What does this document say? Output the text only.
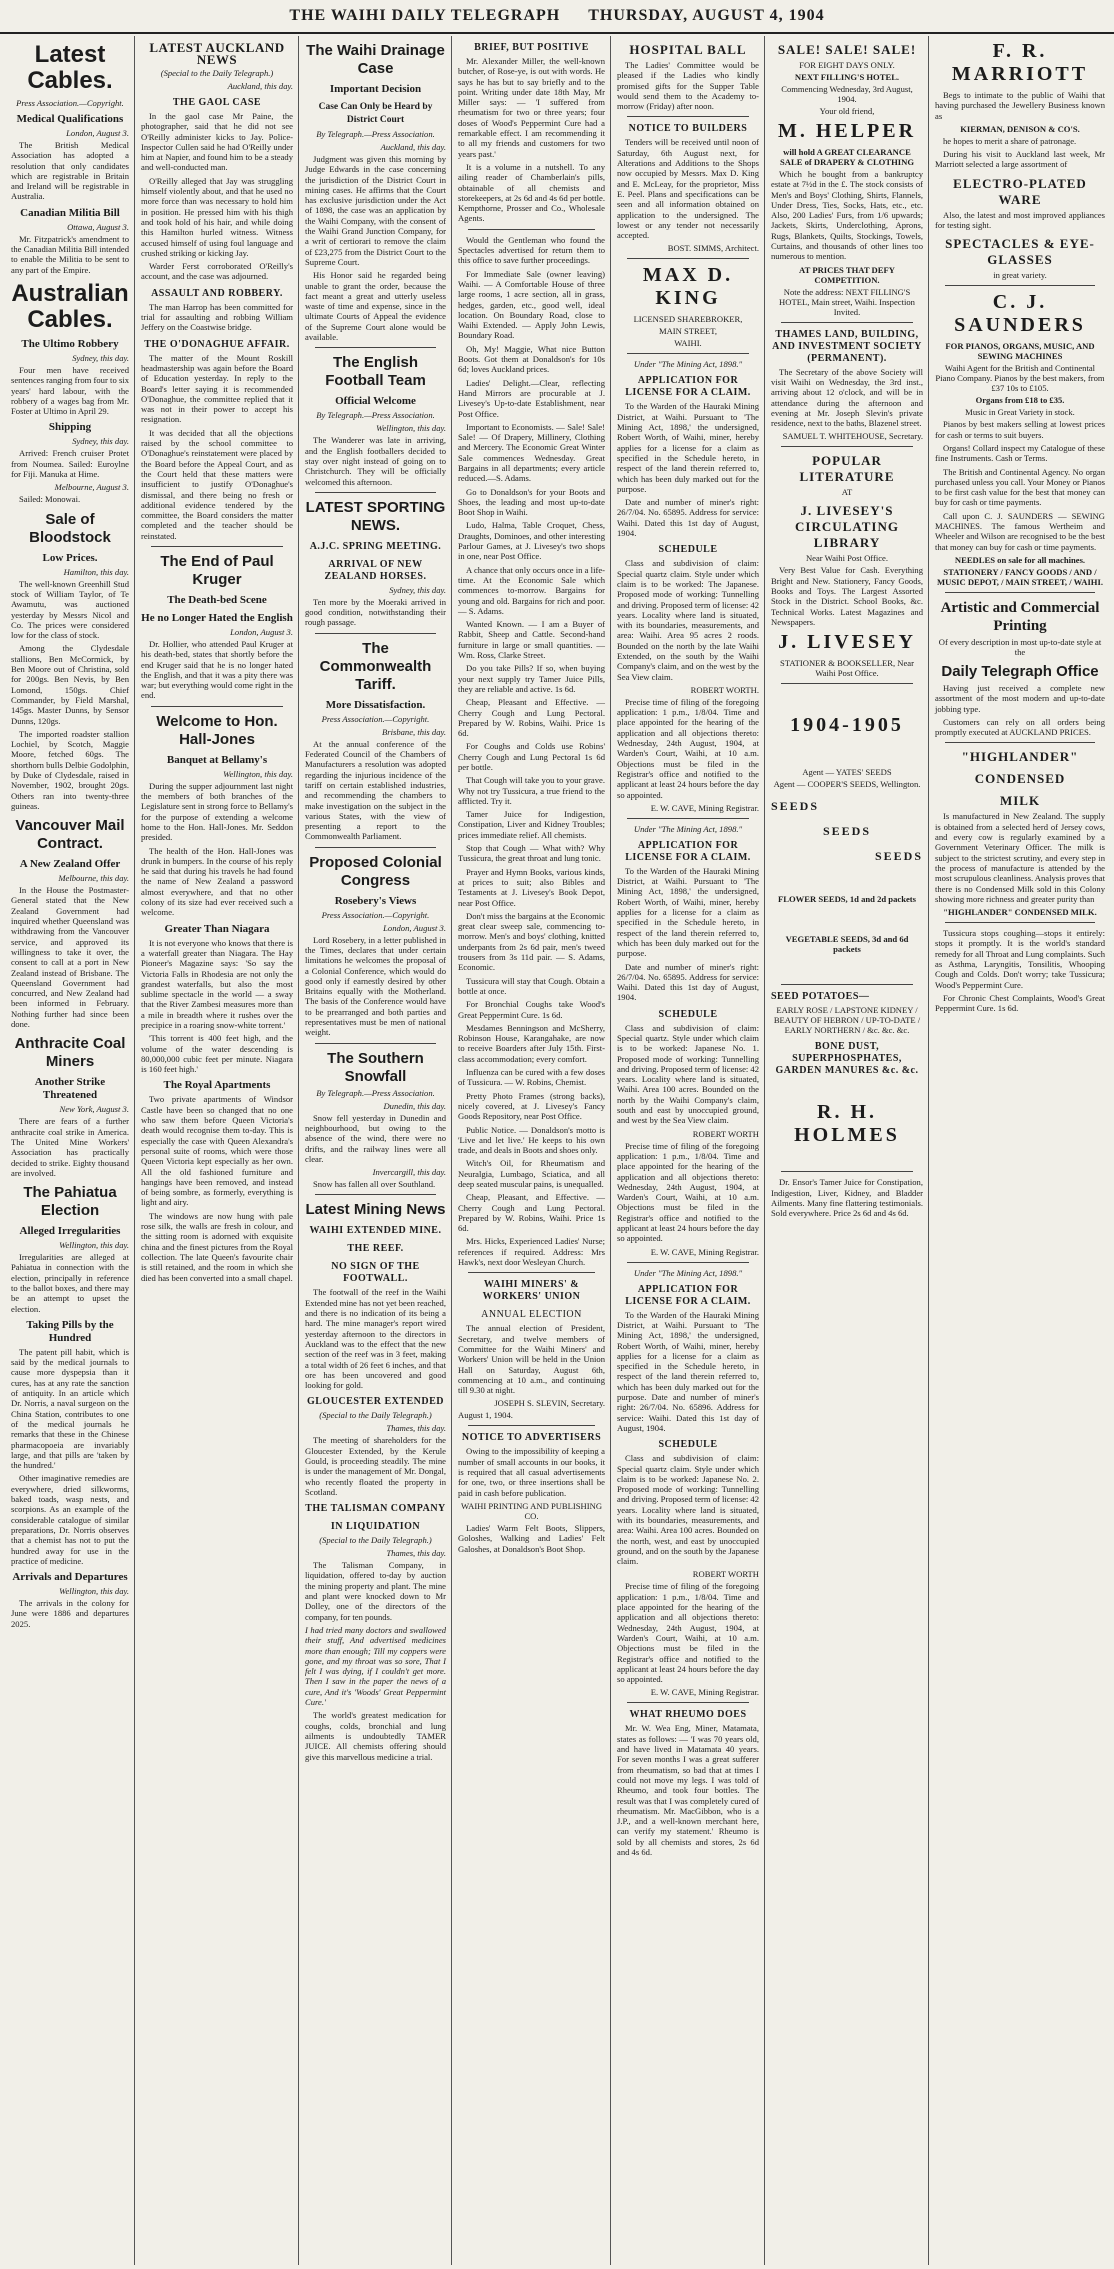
THE WAIHI DAILY TELEGRAPH THURSDAY, AUGUST 4, 1904
Latest Cables.
Press Association.—Copyright.
Medical Qualifications
London, August 3.

The British Medical Association has adopted a resolution that only candidates which are registrable in Britain and Ireland will be registrable in Australia.

Canadian Militia Bill
Ottawa, August 3.

Mr. Fitzpatrick's amendment to the Canadian Militia Bill intended to enable the Militia to be sent to any part of the Empire.

Australian Cables.
The Ultimo Robbery
Sydney, this day.

Four men have received sentences ranging from four to six years' hard labour, with the robbery of a wages bag from Mr. Foster at Ultimo in April 29.

Shipping
Sydney, this day.

Arrived: French cruiser Protet from Noumea. Sailed: Euroylne for Fiji. Manuka at Hime.

Melbourne, August 3.

Sailed: Monowai.

Sale of Bloodstock
Low Prices.
Hamilton, this day.

The well-known Greenhill Stud stock of William Taylor, of Te Awamutu, was auctioned yesterday by Messrs Nicol and Co. The prices were considered low for the class of stock.

Among the Clydesdale stallions, Ben McCormick, by Ben Moore out of Christina, sold for 200gs. Ben Nevis, by Ben Lomond, 150gs. Chief Commander, by Field Marshal, 145gs. Master Dunns, by Sensor Dunns, 120gs.

The imported roadster stallion Lochiel, by Scotch, Maggie Moore, fetched 60gs. The shorthorn bulls Delbie Godolphin, by Duke of Clydesdale, raised in November, 1902, brought 20gs. Others ran into twenty-three guineas.

Vancouver Mail Contract.
A New Zealand Offer
Melbourne, this day.

In the House the Postmaster-General stated that the New Zealand Government had inquired whether Queensland was withdrawing from the Vancouver service, and approved its willingness to take it over, the consent to call at a port in New Zealand instead of Brisbane. The Queensland Government had concurred, and New Zealand had been informed in February. Nothing further had since been done.

Anthracite Coal Miners
Another Strike Threatened
New York, August 3.

There are fears of a further anthracite coal strike in America. The United Mine Workers' Association has practically decided to strike. Eighty thousand are involved.

The Pahiatua Election
Alleged Irregularities
Wellington, this day.

Irregularities are alleged at Pahiatua in connection with the election, principally in reference to the ballot boxes, and there may be an attempt to upset the election.

Taking Pills by the Hundred

The patent pill habit, which is said by the medical journals to cause more dyspepsia than it cures, has at any rate the sanction of antiquity. In an article which Dr. Norris, a naval surgeon on the China Station, contributes to one of the medical journals he remarks that these in the Chinese pharmacopoeia are invariably large, and that pills are 'taken by the hundred.'

Other imaginative remedies are everywhere, dried silkworms, baked toads, wasp nests, and scorpions. As an example of the considerable catalogue of similar preparations, Dr. Norris observes that a chemist has not to put the hundred away for use in the practice of medicine.

Arrivals and Departures
Wellington, this day.

The arrivals in the colony for June were 1886 and departures 2025.

LATEST AUCKLAND NEWS
(Special to the Daily Telegraph.)
Auckland, this day.
THE GAOL CASE

In the gaol case Mr Paine, the photographer, said that he did not see O'Reilly administer kicks to Jay. Police-Inspector Cullen said he had O'Reilly under him at Napier, and found him to be a steady and well-conducted man.

O'Reilly alleged that Jay was struggling himself violently about, and that he used no more force than was necessary to hold him in position. He pressed him with his thigh and took hold of his hair, and while doing this Hamilton hurled witness. Witness accused himself of using foul language and crushed striking or kicking Jay.

Warder Ferst corroborated O'Reilly's account, and the case was adjourned.

ASSAULT AND ROBBERY.

The man Harrop has been committed for trial for assaulting and robbing William Jeffery on the Coastwise bridge.

THE O'DONAGHUE AFFAIR.

The matter of the Mount Roskill headmastership was again before the Board of Education yesterday. In reply to the Board's letter saying it is recommended O'Donaghue, the committee replied that it was not in their power to accept his resignation.

It was decided that all the objections raised by the school committee to O'Donaghue's reinstatement were placed by the Board before the Appeal Court, and as the Court held that these matters were insufficient to justify O'Donaghue's dismissal, and there being no fresh or additional evidence tendered by the committee, the Board considers the matter completed and the teacher should be reinstated.

The End of Paul Kruger
The Death-bed Scene
He no Longer Hated the English
London, August 3.

Dr. Hollier, who attended Paul Kruger at his death-bed, states that shortly before the end Kruger said that he is no longer hated the English, and that it was a pity there was war; but everything would come right in the end.

Welcome to Hon. Hall-Jones
Banquet at Bellamy's
Wellington, this day.

During the supper adjournment last night the members of both branches of the Legislature sent in strong force to Bellamy's for the purpose of extending a welcome home to the Hon. Hall-Jones. Mr. Seddon presided.

The health of the Hon. Hall-Jones was drunk in bumpers. In the course of his reply he said that during his travels he had found the name of New Zealand a password almost everywhere, and that no other colony of its size had ever received such a welcome.

Greater Than Niagara

It is not everyone who knows that there is a waterfall greater than Niagara. The Hay Pioneer's Magazine says: 'So say the Victoria Falls in Rhodesia are not only the grandest waterfalls, but also the most sublime spectacle in the world — a sway that the River Zambesi measures more than a mile in breadth where it rushes over the precipice in a roaring snow-white torrent.'

'This torrent is 400 feet high, and the volume of the water descending is 80,000,000 cubic feet per minute. Niagara is 160 feet high.'

The Royal Apartments

Two private apartments of Windsor Castle have been so changed that no one who saw them before Queen Victoria's death would recognise them to-day. This is especially the case with Queen Alexandra's personal suite of rooms, which were those Queen Victoria kept especially as her own. All the old fashioned furniture and hangings have been removed, and instead of being sombre, as formerly, everything is light and airy.

The windows are now hung with pale rose silk, the walls are fresh in colour, and the sitting room is adorned with exquisite china and the finest pictures from the Royal collection. The late Queen's favourite chair is still retained, and the room in which she died has been converted into a small chapel.

The Waihi Drainage Case
Important Decision
Case Can Only be Heard by District Court
By Telegraph.—Press Association.
Auckland, this day.

Judgment was given this morning by Judge Edwards in the case concerning the jurisdiction of the District Court in mining cases. He affirms that the Court has exclusive jurisdiction under the Act of 1898, the case was an application by the Waihi Company, with the consent of the Waihi Grand Junction Company, for a writ of certiorari to remove the claim of £23,275 from the District Court to the Supreme Court.

His Honor said he regarded being unable to grant the order, because the fact meant a great and utterly useless waste of time and expense, since in the ultimate Courts of Appeal the evidence of the Supreme Court alone would be available.

The English Football Team
Official Welcome
By Telegraph.—Press Association.
Wellington, this day.

The Wanderer was late in arriving, and the English footballers decided to stay over night instead of going on to Christchurch. They will be officially welcomed this afternoon.

LATEST SPORTING NEWS.
A.J.C. SPRING MEETING.
ARRIVAL OF NEW ZEALAND HORSES.
Sydney, this day.

Ten more by the Moeraki arrived in good condition, notwithstanding their rough passage.

The Commonwealth Tariff.
More Dissatisfaction.
Press Association.—Copyright.
Brisbane, this day.

At the annual conference of the Federated Council of the Chambers of Manufacturers a resolution was adopted regarding the injurious incidence of the tariff on certain established industries, and recommending the chambers to make investigation on the subject in the various States, with the view of presenting a report to the Commonwealth Parliament.

Proposed Colonial Congress
Rosebery's Views
Press Association.—Copyright.
London, August 3.

Lord Rosebery, in a letter published in the Times, declares that under certain limitations he welcomes the proposal of a Colonial Conference, which would do good only if earnestly desired by other Britains equally with the Motherland. The basis of the Conference would have to be prearranged and both parties and representatives must be men of national weight.

The Southern Snowfall
By Telegraph.—Press Association.
Dunedin, this day.

Snow fell yesterday in Dunedin and neighbourhood, but owing to the absence of the wind, there were no drifts, and the railway lines were all clear.

Invercargill, this day.

Snow has fallen all over Southland.

Latest Mining News
WAIHI EXTENDED MINE.
THE REEF.
NO SIGN OF THE FOOTWALL.

The footwall of the reef in the Waihi Extended mine has not yet been reached, and there is no indication of its being a hard. The mine manager's report wired yesterday afternoon to the directors in Auckland was to the effect that the new section of the reef was in 3 feet, making a total width of 26 feet 6 inches, and that ore has been uncovered and good looking for gold.

GLOUCESTER EXTENDED
(Special to the Daily Telegraph.)
Thames, this day.

The meeting of shareholders for the Gloucester Extended, by the Kerule Gould, is proceeding steadily. The mine is under the management of Mr. Dongal, who recently floated the property in Scotland.

THE TALISMAN COMPANY
IN LIQUIDATION
(Special to the Daily Telegraph.)
Thames, this day.

The Talisman Company, in liquidation, offered to-day by auction the mining property and plant. The mine and plant were knocked down to Mr Dolley, one of the directors of the company, for ten pounds.

I had tried many doctors and swallowed their stuff, And advertised medicines more than enough; Till my coppers were gone, and my throat was so sore, That I felt I was dying, if I couldn't get more. Then I saw in the paper the news of a cure, And it's 'Woods' Great Peppermint Cure.'

The world's greatest medication for coughs, colds, bronchial and lung ailments is undoubtedly TAMER JUICE. All chemists offering should give this marvellous medicine a trial.

BRIEF, BUT POSITIVE

Mr. Alexander Miller, the well-known butcher, of Rose-ye, is out with words. He says he has but to say briefly and to the point. Writing under date 18th May, Mr Miller says: — 'I suffered from rheumatism for two or three years; four doses of Wood's Peppermint Cure had a remarkable effect. I am recommending it to all my friends and customers for two years past.'

It is a volume in a nutshell. To any ailing reader of Chamberlain's pills, obtainable of all chemists and storekeepers, at 2s 6d and 4s 6d per bottle. Kempthorne, Prosser and Co., Wholesale Agents.

Would the Gentleman who found the Spectacles advertised for return them to this office to save further proceedings.

For Immediate Sale (owner leaving) Waihi. — A Comfortable House of three large rooms, 1 acre section, all in grass, hedges, garden, etc., good well, ideal location. On Boundary Road, close to Waihi Extended. — Apply John Lewis, Boundary Road.

Oh, My! Maggie, What nice Button Boots. Got them at Donaldson's for 10s 6d; loves Auckland prices.

Ladies' Delight.—Clear, reflecting Hand Mirrors are procurable at J. Livesey's Up-to-date Establishment, near Post Office.

Important to Economists. — Sale! Sale! Sale! — Of Drapery, Millinery, Clothing and Mercery. The Economic Great Winter Sale commences Wednesday. Great Bargains in all departments; every article reduced.—S. Adams.

Go to Donaldson's for your Boots and Shoes, the leading and most up-to-date Boot Shop in Waihi.

Ludo, Halma, Table Croquet, Chess, Draughts, Dominoes, and other interesting Parlour Games, at J. Livesey's two shops in one, near Post Office.

A chance that only occurs once in a life-time. At the Economic Sale which commences to-morrow. Bargains for young and old. Bargains for rich and poor. — S. Adams.

Wanted Known. — I am a Buyer of Rabbit, Sheep and Cattle. Second-hand furniture in large or small quantities. — Wm. Ross, Clarke Street.

Do you take Pills? If so, when buying your next supply try Tamer Juice Pills, they are reliable and active. 1s 6d.

Cheap, Pleasant and Effective. — Cherry Cough and Lung Pectoral. Prepared by W. Robins, Waihi. Price 1s 6d.

For Coughs and Colds use Robins' Cherry Cough and Lung Pectoral 1s 6d per bottle.

That Cough will take you to your grave. Why not try Tussicura, a true friend to the afflicted. Try it.

Tamer Juice for Indigestion, Constipation, Liver and Kidney Troubles; prices immediate relief. All chemists.

Stop that Cough — What with? Why Tussicura, the great throat and lung tonic.

Prayer and Hymn Books, various kinds, at prices to suit; also Bibles and Testaments at J. Livesey's Book Depot, near Post Office.

Don't miss the bargains at the Economic great clear sweep sale, commencing to-morrow. Men's and boys' clothing, knitted underpants from 2s 6d pair, men's tweed trousers from 3s 11d pair. — S. Adams, Economic.

Tussicura will stay that Cough. Obtain a bottle at once.

For Bronchial Coughs take Wood's Great Peppermint Cure. 1s 6d.

Mesdames Benningson and McSherry, Robinson House, Karangahake, are now to receive Boarders after July 15th. First-class accommodation; every comfort.

Influenza can be cured with a few doses of Tussicura. — W. Robins, Chemist.

Pretty Photo Frames (strong backs), nicely covered, at J. Livesey's Fancy Goods Repository, near Post Office.

Public Notice. — Donaldson's motto is 'Live and let live.' He keeps to his own trade, and deals in Boots and shoes only.

Witch's Oil, for Rheumatism and Neuralgia, Lumbago, Sciatica, and all deep seated muscular pains, is unequalled.

Cheap, Pleasant, and Effective. — Cherry Cough and Lung Pectoral. Prepared by W. Robins, Waihi. Price 1s 6d.

Mrs. Hicks, Experienced Ladies' Nurse; references if required. Address: Mrs Hawk's, next door Wesleyan Church.

WAIHI MINERS' & WORKERS' UNION
ANNUAL ELECTION

The annual election of President, Secretary, and twelve members of Committee for the Waihi Miners' and Workers' Union will be held in the Union Hall on Saturday, August 6th, commencing at 10 a.m., and continuing till 9.30 at night.

JOSEPH S. SLEVIN, Secretary.
August 1, 1904.
NOTICE TO ADVERTISERS

Owing to the impossibility of keeping a number of small accounts in our books, it is required that all casual advertisements for one, two, or three insertions shall be paid in cash before publication.

WAIHI PRINTING AND PUBLISHING CO.

Ladies' Warm Felt Boots, Slippers, Goloshes, Walking and Ladies' Felt Galoshes, at Donaldson's Boot Shop.

HOSPITAL BALL

The Ladies' Committee would be pleased if the Ladies who kindly promised gifts for the Supper Table would send them to the Academy to-morrow (Friday) after noon.

NOTICE TO BUILDERS

Tenders will be received until noon of Saturday, 6th August next, for Alterations and Additions to the Shops now occupied by Messrs. Max D. King and E. McLeay, for the proprietor, Miss E. Peel. Plans and specifications can be seen and all information obtained on application to the undersigned. The lowest or any tender not necessarily accepted.

BOST. SIMMS, Architect.
MAX D. KING
LICENSED SHAREBROKER,
MAIN STREET,
WAIHI.
Under "The Mining Act, 1898."
APPLICATION FOR LICENSE FOR A CLAIM.

To the Warden of the Hauraki Mining District, at Waihi. Pursuant to 'The Mining Act, 1898,' the undersigned, Robert Worth, of Waihi, miner, hereby applies for a license for a claim as specified in the Schedule hereto, in respect of the land therein referred to, which has been duly marked out for the purpose.

Date and number of miner's right: 26/7/04. No. 65895. Address for service: Waihi. Dated this 1st day of August, 1904.

SCHEDULE

Class and subdivision of claim: Special quartz claim. Style under which claim is to be worked: The Japanese. Proposed mode of working: Tunnelling and driving. Proposed term of license: 42 years. Locality where land is situated, with its boundaries, measurements, and area: Waihi. Area 95 acres 2 roods. Bounded on the north by the late Waihi Extended, on the south by the Waihi Company's claim, and on the west by the Sea View claim.

ROBERT WORTH.

Precise time of filing of the foregoing application: 1 p.m., 1/8/04. Time and place appointed for the hearing of the application and all objections thereto: Wednesday, 24th August, 1904, at Warden's Court, Waihi, at 10 a.m. Objections must be filed in the Registrar's office and notified to the applicant at least 24 hours before the day so appointed.

E. W. CAVE, Mining Registrar.
Under "The Mining Act, 1898."
APPLICATION FOR LICENSE FOR A CLAIM.

To the Warden of the Hauraki Mining District, at Waihi. Pursuant to 'The Mining Act, 1898,' the undersigned, Robert Worth, of Waihi, miner, hereby applies for a license for a claim as specified in the Schedule hereto, in respect of the land therein referred to, which has been duly marked out for the purpose.

Date and number of miner's right: 26/7/04. No. 65895. Address for service: Waihi. Dated this 1st day of August, 1904.

SCHEDULE

Class and subdivision of claim: Special quartz. Style under which claim is to be worked: Japanese No. 1. Proposed mode of working: Tunnelling and driving. Proposed term of license: 42 years. Locality where land is situated, Waihi. Area 100 acres. Bounded on the north by the Waihi Company's claim, south and east by unoccupied ground, and west by the Sea View claim.

ROBERT WORTH

Precise time of filing of the foregoing application: 1 p.m., 1/8/04. Time and place appointed for the hearing of the application and all objections thereto: Wednesday, 24th August, 1904, at Warden's Court, Waihi, at 10 a.m. Objections must be filed in the Registrar's office and notified to the applicant at least 24 hours before the day so appointed.

E. W. CAVE, Mining Registrar.
Under "The Mining Act, 1898."
APPLICATION FOR LICENSE FOR A CLAIM.

To the Warden of the Hauraki Mining District, at Waihi. Pursuant to 'The Mining Act, 1898,' the undersigned, Robert Worth, of Waihi, miner, hereby applies for a license for a claim as specified in the Schedule hereto, in respect of the land therein referred to, which has been duly marked out for the purpose. Date and number of miner's right: 26/7/04. No. 65896. Address for service: Waihi. Dated this 1st day of August, 1904.

SCHEDULE

Class and subdivision of claim: Special quartz claim. Style under which claim is to be worked: Japanese No. 2. Proposed mode of working: Tunnelling and driving. Proposed term of license: 42 years. Locality where land is situated, with its boundaries, measurements, and area: Waihi. Area 100 acres. Bounded on the north, west, and east by unoccupied ground, and on the south by the Japanese claim.

ROBERT WORTH

Precise time of filing of the foregoing application: 1 p.m., 1/8/04. Time and place appointed for the hearing of the application and all objections thereto: Wednesday, 24th August, 1904, at Warden's Court, Waihi, at 10 a.m. Objections must be filed in the Registrar's office and notified to the applicant at least 24 hours before the day so appointed.

E. W. CAVE, Mining Registrar.
WHAT RHEUMO DOES

Mr. W. Wea Eng, Miner, Matamata, states as follows: — 'I was 70 years old, and have lived in Matamata 40 years. For seven months I was a great sufferer from rheumatism, so bad that at times I could not move my legs. I was told of Rheumo, and took four bottles. The result was that I was completely cured of rheumatism. Mr. MacGibbon, who is a J.P., and a well-known merchant here, can verify my statement.' Rheumo is sold by all chemists and stores, 2s 6d and 4s 6d.

SALE! SALE! SALE!
FOR EIGHT DAYS ONLY.
NEXT FILLING'S HOTEL.
Commencing Wednesday, 3rd August, 1904.
Your old friend,
M. HELPER
will hold A GREAT CLEARANCE SALE of DRAPERY & CLOTHING

Which he bought from a bankruptcy estate at 7½d in the £. The stock consists of Men's and Boys' Clothing, Shirts, Flannels, Under Dress, Ties, Socks, Hats, etc., etc. Also, 200 Ladies' Furs, from 1/6 upwards; Jackets, Skirts, Underclothing, Aprons, Rugs, Blankets, Quilts, Stockings, Towels, Curtains, and thousands of other lines too numerous to mention.

AT PRICES THAT DEFY COMPETITION.
Note the address: NEXT FILLING'S HOTEL, Main street, Waihi. Inspection Invited.
THAMES LAND, BUILDING, AND INVESTMENT SOCIETY (PERMANENT).

The Secretary of the above Society will visit Waihi on Wednesday, the 3rd inst., arriving about 12 o'clock, and will be in attendance during the afternoon and evening at Mr. Joseph Slevin's private residence, next to the baths, Blazenel street.

SAMUEL T. WHITEHOUSE, Secretary.
POPULAR LITERATURE
AT
J. LIVESEY'S CIRCULATING LIBRARY
Near Waihi Post Office.

Very Best Value for Cash. Everything Bright and New. Stationery, Fancy Goods, Books and Toys. The Largest Assorted Stock in the District. School Books, &c. Technical Works. Latest Magazines and Newspapers.

J. LIVESEY
STATIONER & BOOKSELLER, Near Waihi Post Office.
1904-1905
Agent — YATES' SEEDS
Agent — COOPER'S SEEDS, Wellington.
SEEDS
SEEDS
SEEDS
FLOWER SEEDS, 1d and 2d packets
VEGETABLE SEEDS, 3d and 6d packets
SEED POTATOES—
EARLY ROSE / LAPSTONE KIDNEY / BEAUTY OF HEBRON / UP-TO-DATE / EARLY NORTHERN / &c. &c. &c.
BONE DUST, SUPERPHOSPHATES, GARDEN MANURES &c. &c.
R. H. HOLMES

Dr. Ensor's Tamer Juice for Constipation, Indigestion, Liver, Kidney, and Bladder Ailments. Many fine flattering testimonials. Sold everywhere. Price 2s 6d and 4s 6d.

F. R. MARRIOTT

Begs to intimate to the public of Waihi that having purchased the Jewellery Business known as

KIERMAN, DENISON & CO'S.

he hopes to merit a share of patronage.

During his visit to Auckland last week, Mr Marriott selected a large assortment of

ELECTRO-PLATED WARE

Also, the latest and most improved appliances for testing sight.

SPECTACLES & EYE-GLASSES
in great variety.
C. J. SAUNDERS
FOR PIANOS, ORGANS, MUSIC, AND SEWING MACHINES
Waihi Agent for the British and Continental Piano Company. Pianos by the best makers, from £37 10s to £105.
Organs from £18 to £35.
Music in Great Variety in stock.

Pianos by best makers selling at lowest prices for cash or terms to suit buyers.

Organs! Collard inspect my Catalogue of these fine Instruments. Cash or Terms.

The British and Continental Agency. No organ purchased unless you call. Your Money or Pianos to be first cash value for the best that money can buy for cash or time payments.

Call upon C. J. SAUNDERS — SEWING MACHINES. The famous Wertheim and Wheeler and Wilson are recognised to be the best that money can buy for cash or time payments.

NEEDLES on sale for all machines.
STATIONERY / FANCY GOODS / AND / MUSIC DEPOT, / MAIN STREET, / WAIHI.
Artistic and Commercial Printing
Of every description in most up-to-date style at the
Daily Telegraph Office

Having just received a complete new assortment of the most modern and up-to-date jobbing type.

Customers can rely on all orders being promptly executed at AUCKLAND PRICES.

"HIGHLANDER"
CONDENSED
MILK

Is manufactured in New Zealand. The supply is obtained from a selected herd of Jersey cows, and every cow is regularly examined by a Government Veterinary Officer. The milk is subject to the strictest scrutiny, and every step in the process of manufacture is attended by the most scrupulous cleanliness. Analysis proves that there is no Condensed Milk sold in this Colony showing more richness and greater purity than

"HIGHLANDER" CONDENSED MILK.

Tussicura stops coughing—stops it entirely: stops it promptly. It is the world's standard remedy for all Throat and Lung complaints. Such as Asthma, Laryngitis, Tonsilitis, Whooping Cough and Colds. Don't worry; take Tussicura; Wood's Peppermint Cure.

For Chronic Chest Complaints, Wood's Great Peppermint Cure. 1s 6d.
